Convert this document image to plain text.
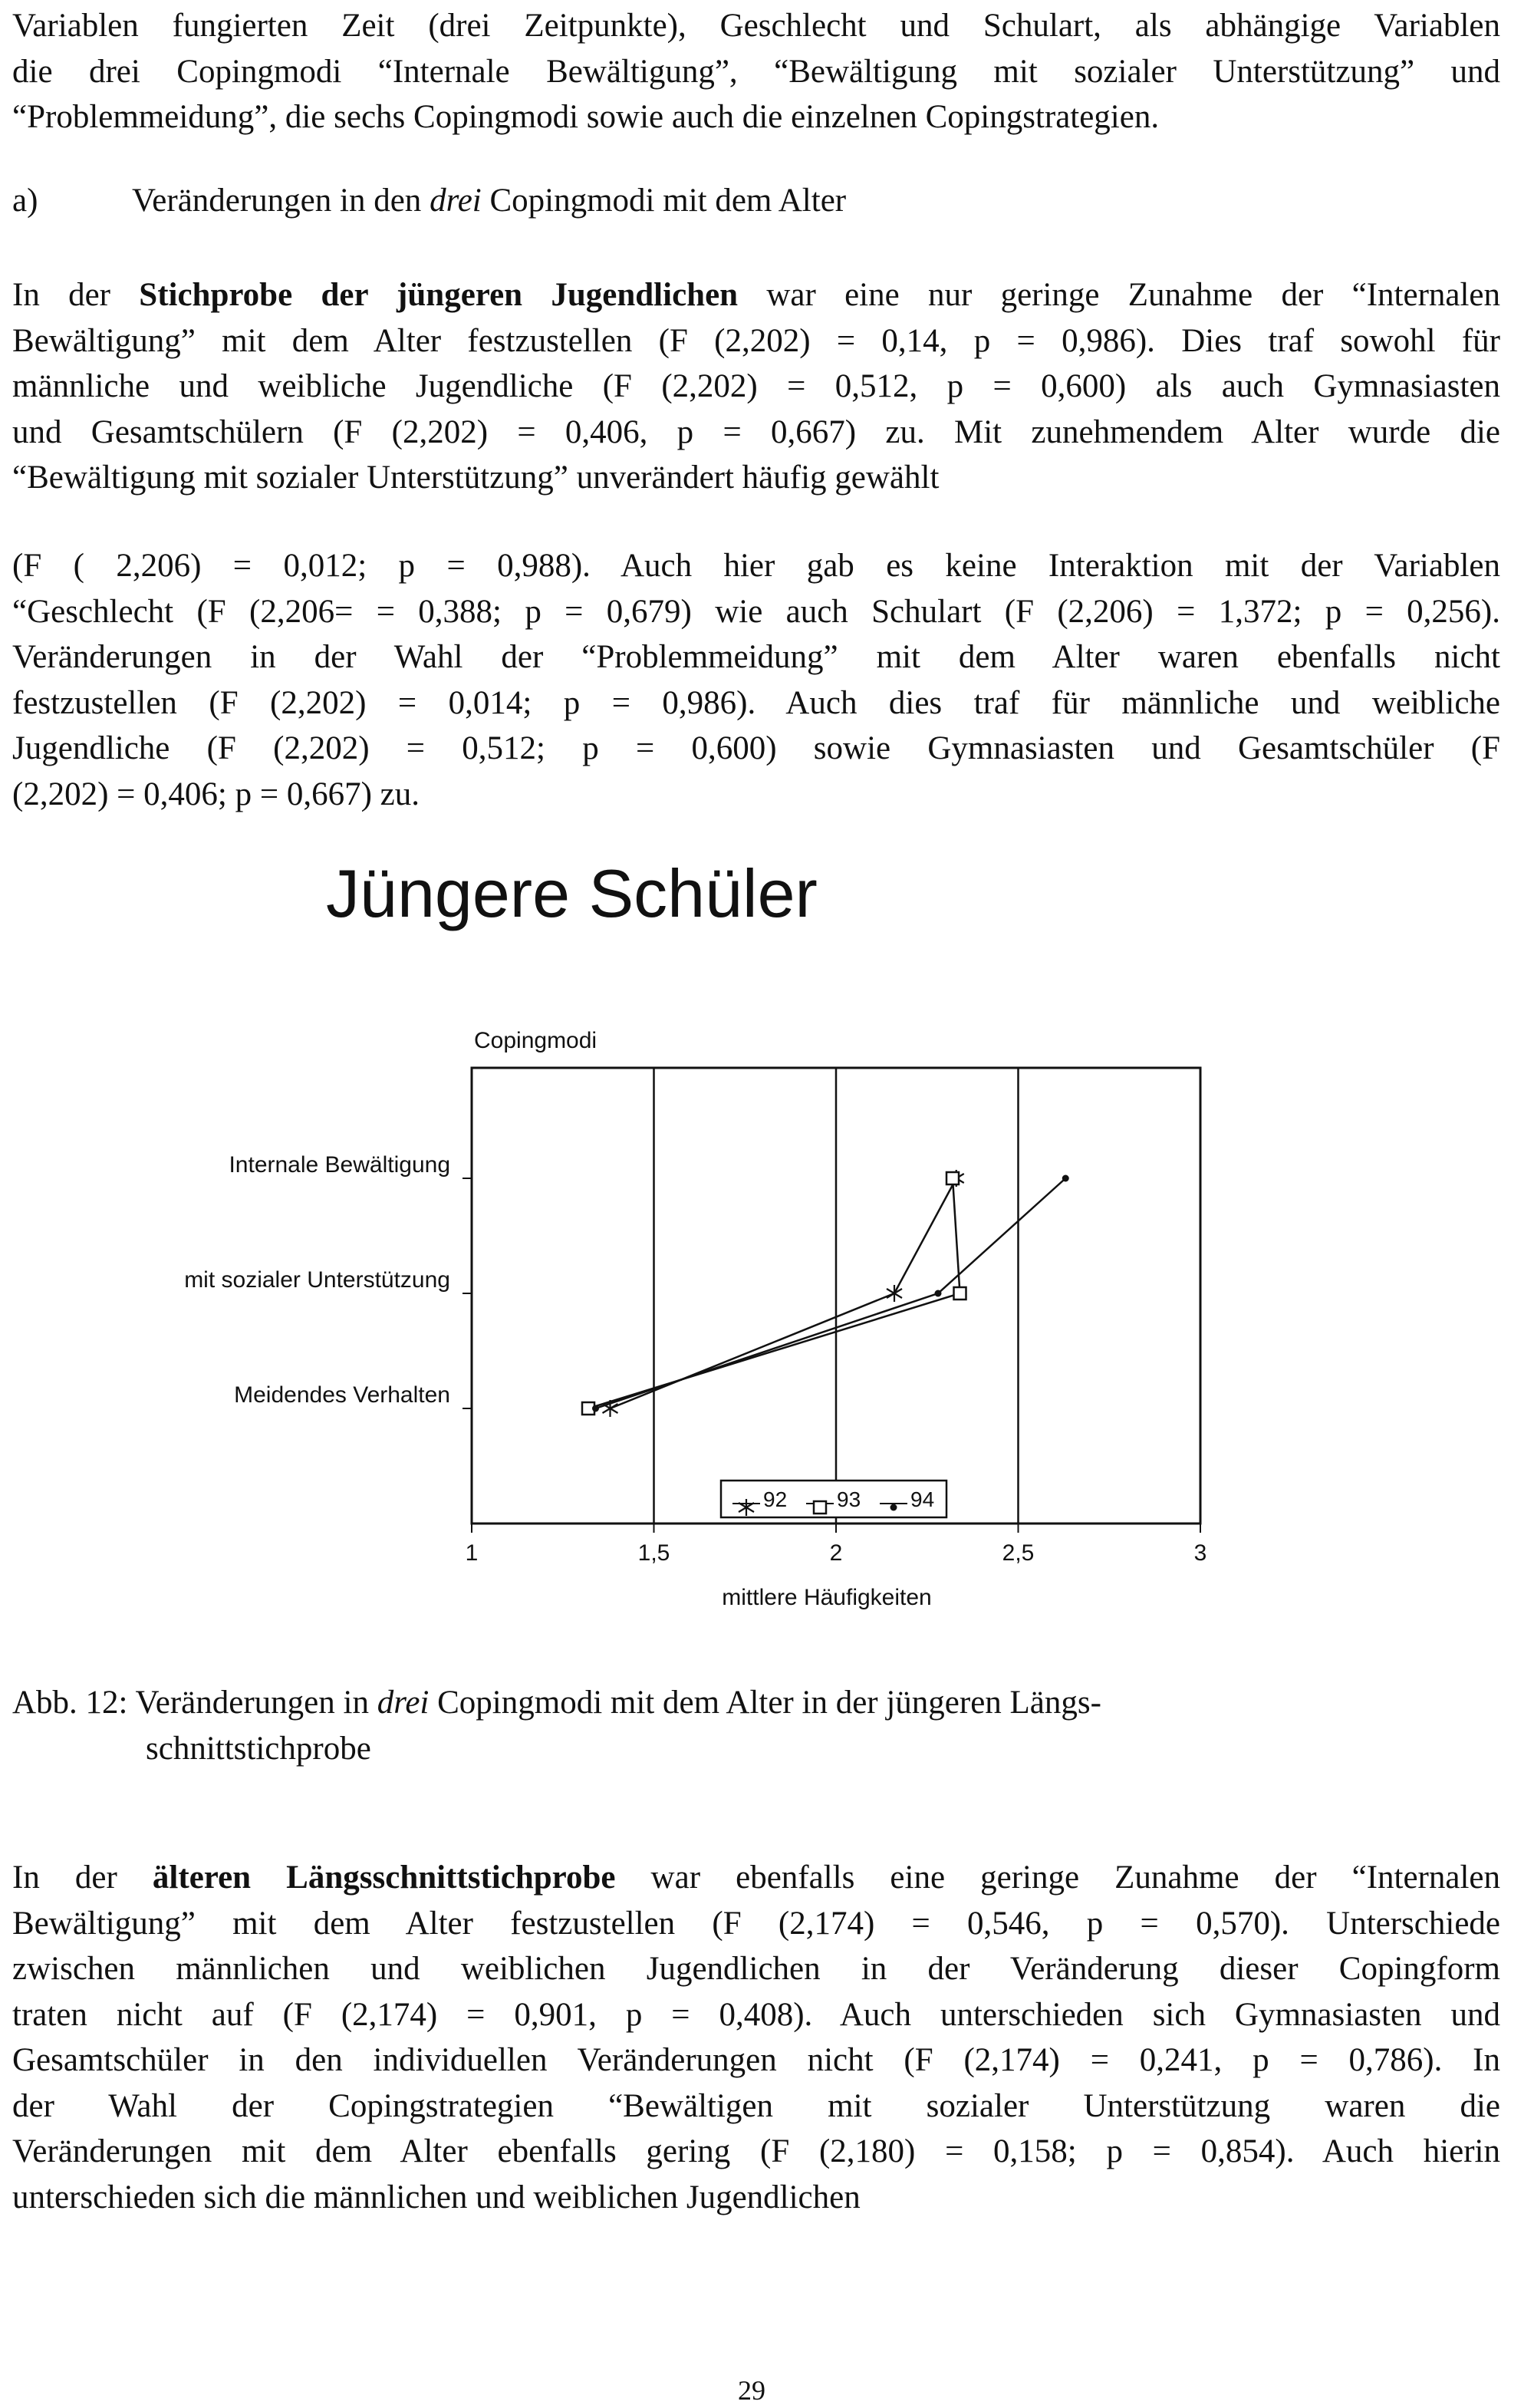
Variablen fungierten Zeit (drei Zeitpunkte), Geschlecht und Schulart, als abhängige Variablen
die drei Copingmodi “Internale Bewältigung”, “Bewältigung mit sozialer Unterstützung” und
“Problemmeidung”, die sechs Copingmodi sowie auch die einzelnen Copingstrategien.

a)	Veränderungen in den drei Copingmodi mit dem Alter

In der Stichprobe der jüngeren Jugendlichen war eine nur geringe Zunahme der “Internalen
Bewältigung” mit dem Alter festzustellen (F (2,202) = 0,14, p = 0,986). Dies traf sowohl für
männliche und weibliche Jugendliche (F (2,202) = 0,512, p = 0,600) als auch Gymnasiasten
und Gesamtschülern (F (2,202) = 0,406, p = 0,667) zu. Mit zunehmendem Alter wurde die
“Bewältigung mit sozialer Unterstützung” unverändert häufig gewählt

(F ( 2,206) = 0,012; p = 0,988). Auch hier gab es keine Interaktion mit der Variablen
“Geschlecht (F (2,206= = 0,388; p = 0,679) wie auch Schulart (F (2,206) = 1,372; p = 0,256).
Veränderungen in der Wahl der “Problemmeidung” mit dem Alter waren ebenfalls nicht
festzustellen (F (2,202) = 0,014; p = 0,986). Auch dies traf für männliche und weibliche
Jugendliche (F (2,202) = 0,512; p = 0,600) sowie Gymnasiasten und Gesamtschüler (F
(2,202) = 0,406; p = 0,667) zu.

Jüngere Schüler
Copingmodi
Internale Bewältigung
mit sozialer Unterstützung
Meidendes Verhalten
1	1,5	2	2,5	3
mittlere Häufigkeiten
92 93 94

Abb. 12: Veränderungen in drei Copingmodi mit dem Alter in der jüngeren Längs-
schnittstichprobe

In der älteren Längsschnittstichprobe war ebenfalls eine geringe Zunahme der “Internalen
Bewältigung” mit dem Alter festzustellen (F (2,174) = 0,546, p = 0,570). Unterschiede
zwischen männlichen und weiblichen Jugendlichen in der Veränderung dieser Copingform
traten nicht auf (F (2,174) = 0,901, p = 0,408). Auch unterschieden sich Gymnasiasten und
Gesamtschüler in den individuellen Veränderungen nicht (F (2,174) = 0,241, p = 0,786). In
der Wahl der Copingstrategien “Bewältigen mit sozialer Unterstützung waren die
Veränderungen mit dem Alter ebenfalls gering (F (2,180) = 0,158; p = 0,854). Auch hierin
unterschieden sich die männlichen und weiblichen Jugendlichen

29
